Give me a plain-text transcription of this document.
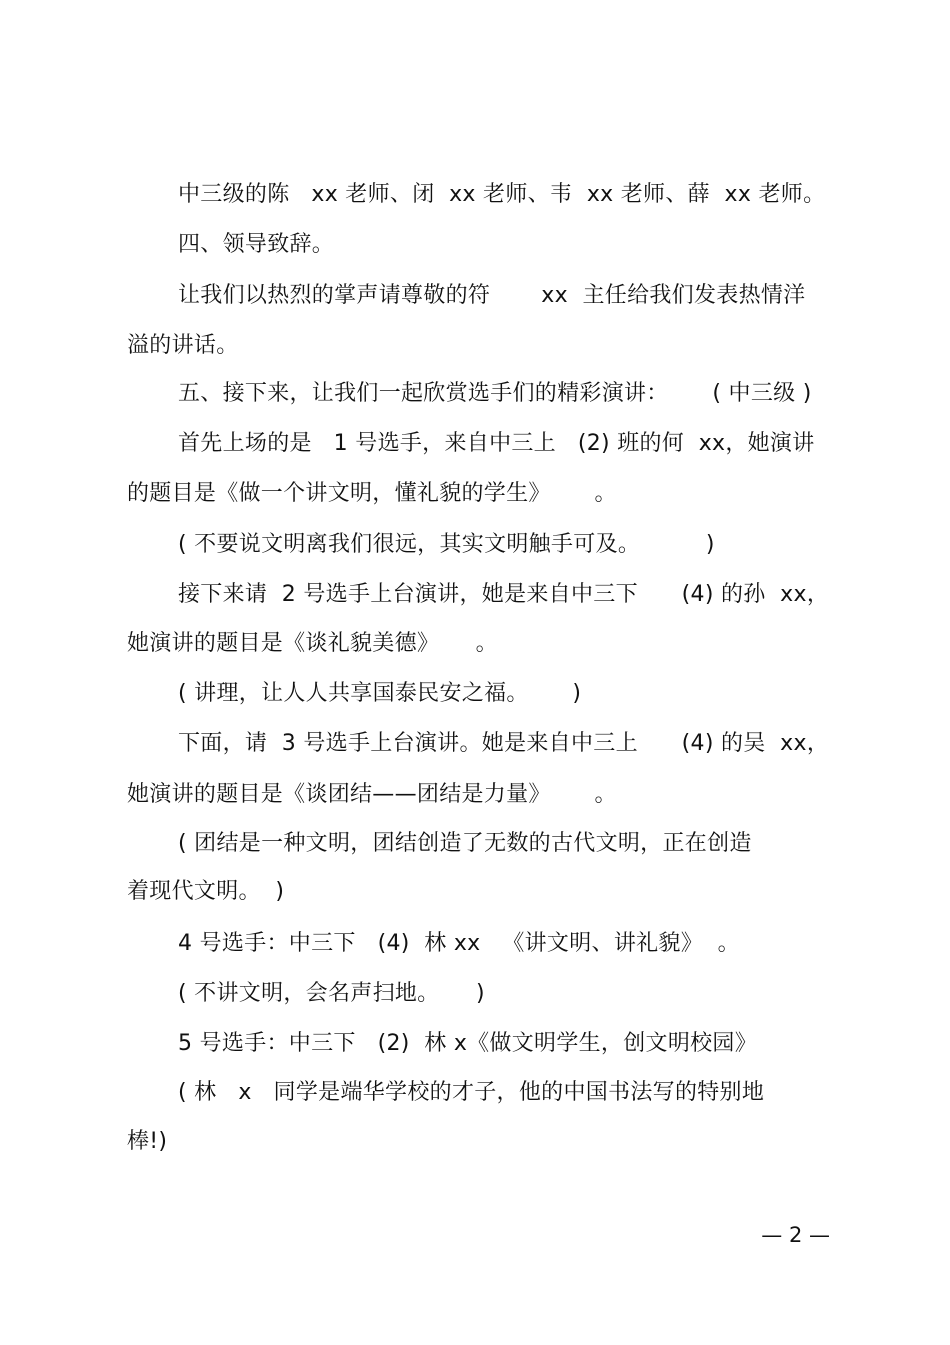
中三级的陈   xx 老师、闭  xx 老师、韦  xx 老师、薛  xx 老师。
四、领导致辞。
让我们以热烈的掌声请尊敬的符       xx  主任给我们发表热情洋
溢的讲话。
五、接下来，让我们一起欣赏选手们的精彩演讲：      ( 中三级 )
首先上场的是   1 号选手，来自中三上   (2) 班的何  xx，她演讲
的题目是《做一个讲文明，懂礼貌的学生》      。
( 不要说文明离我们很远，其实文明触手可及。         )
接下来请  2 号选手上台演讲，她是来自中三下      (4) 的孙  xx，
她演讲的题目是《谈礼貌美德》     。
( 讲理，让人人共享国泰民安之福。      )
下面，请  3 号选手上台演讲。她是来自中三上      (4) 的吴  xx，
她演讲的题目是《谈团结——团结是力量》      。
( 团结是一种文明，团结创造了无数的古代文明，正在创造
着现代文明。  )
4 号选手：中三下   (4)  林 xx   《讲文明、讲礼貌》  。
( 不讲文明，会名声扫地。     )
5 号选手：中三下   (2)  林 x《做文明学生，创文明校园》
( 林   x   同学是端华学校的才子，他的中国书法写的特别地
棒!)
— 2 —
